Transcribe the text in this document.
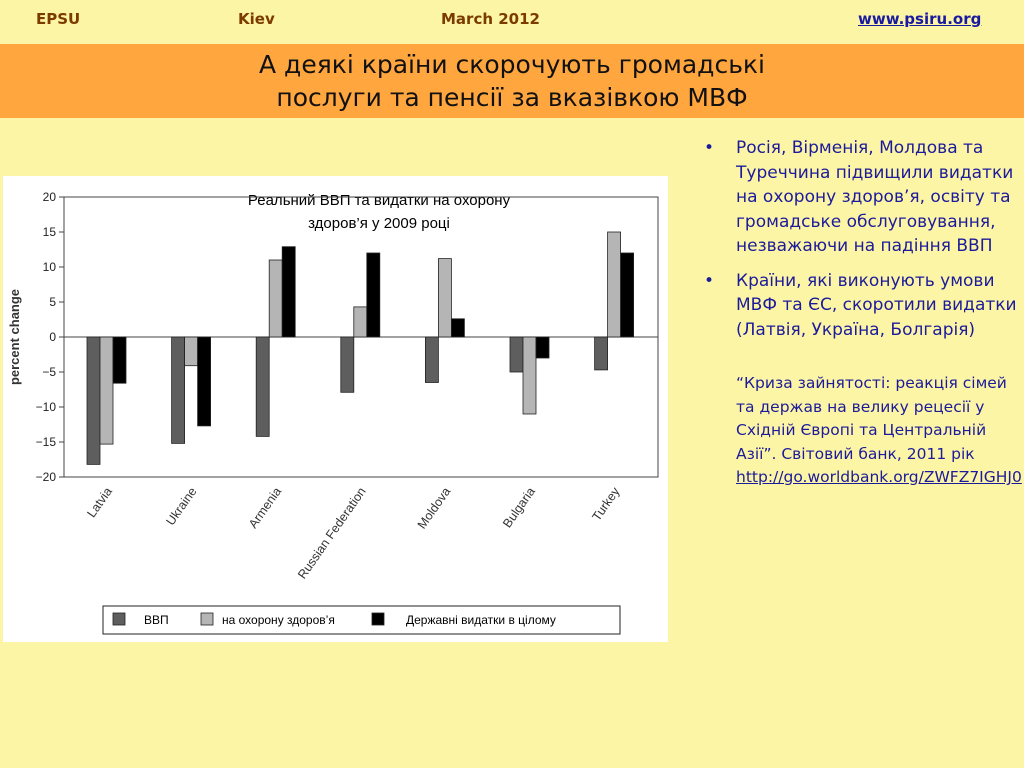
EPSU	Kiev	March 2012	www.psiru.org
А деякі країни скорочують громадські
послуги та пенсії за вказівкою МВФ
Реальний ВВП та видатки на охорону
здоров’я у 2009 році
20
15
10
5
0
−5
−10
−15
−20
percent change
Latvia	Ukraine	Armenia Russian Federation	Moldova	Bulgaria	Turkey
ВВП	на охорону здоров’я	Державні видатки в цілому
• Росія, Вірменія, Молдова та Туреччина підвищили видатки на охорону здоров’я, освіту та громадське обслуговування, незважаючи на падіння ВВП
• Країни, які виконують умови МВФ та ЄС, скоротили видатки (Латвія, Україна, Болгарія)
“Криза зайнятості: реакція сімей та держав на велику рецесії у Східній Європі та Центральній Азії”. Світовий банк, 2011 рік
http://go.worldbank.org/ZWFZ7IGHJ0
